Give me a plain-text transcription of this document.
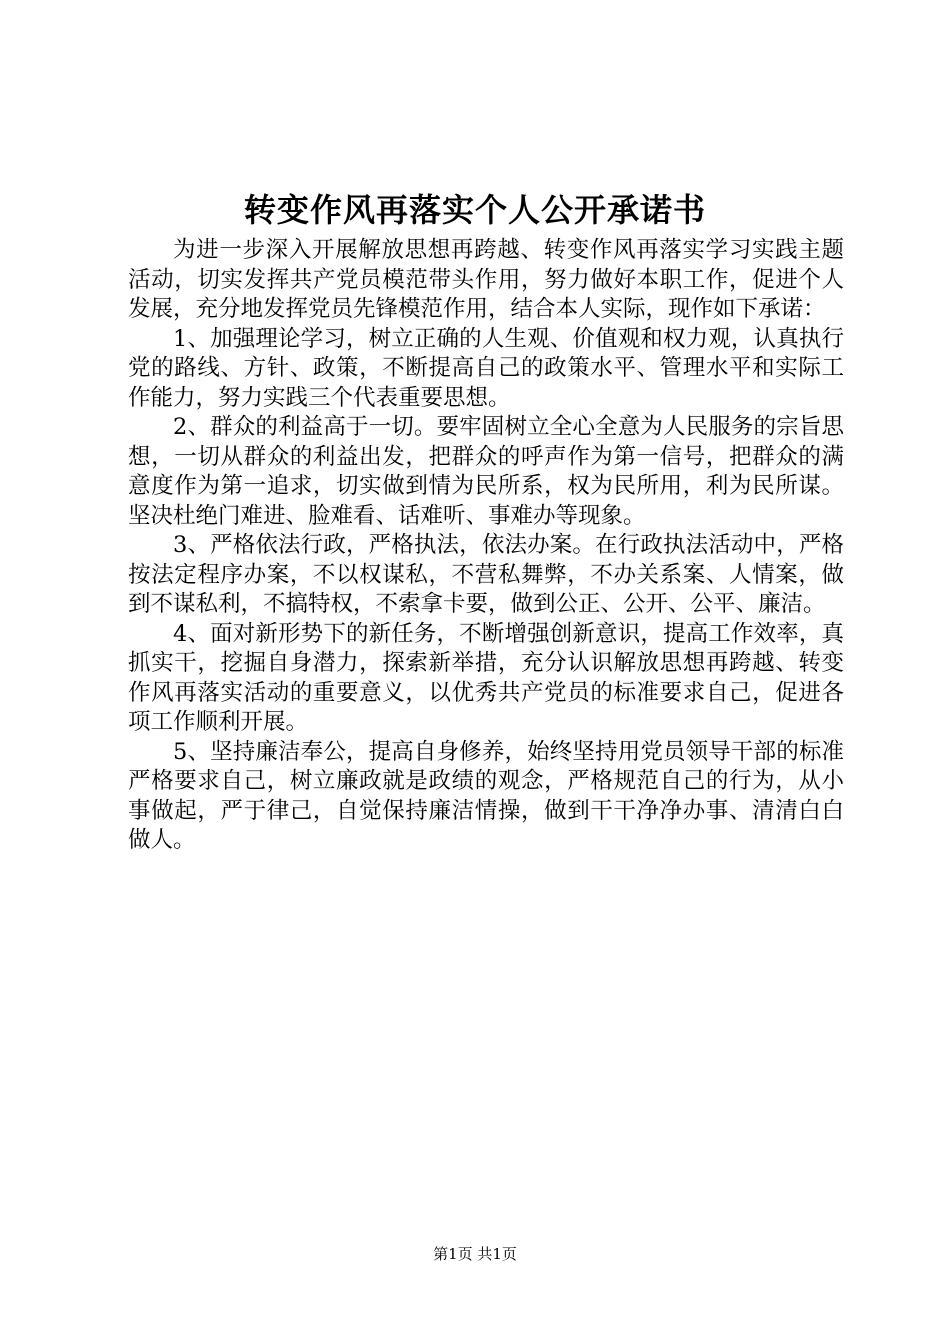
转变作风再落实个人公开承诺书

为进一步深入开展解放思想再跨越、转变作风再落实学习实践主题活动，切实发挥共产党员模范带头作用，努力做好本职工作，促进个人发展，充分地发挥党员先锋模范作用，结合本人实际，现作如下承诺：

1、加强理论学习，树立正确的人生观、价值观和权力观，认真执行党的路线、方针、政策，不断提高自己的政策水平、管理水平和实际工作能力，努力实践三个代表重要思想。

2、群众的利益高于一切。要牢固树立全心全意为人民服务的宗旨思想，一切从群众的利益出发，把群众的呼声作为第一信号，把群众的满意度作为第一追求，切实做到情为民所系，权为民所用，利为民所谋。坚决杜绝门难进、脸难看、话难听、事难办等现象。

3、严格依法行政，严格执法，依法办案。在行政执法活动中，严格按法定程序办案，不以权谋私，不营私舞弊，不办关系案、人情案，做到不谋私利，不搞特权，不索拿卡要，做到公正、公开、公平、廉洁。

4、面对新形势下的新任务，不断增强创新意识，提高工作效率，真抓实干，挖掘自身潜力，探索新举措，充分认识解放思想再跨越、转变作风再落实活动的重要意义，以优秀共产党员的标准要求自己，促进各项工作顺利开展。

5、坚持廉洁奉公，提高自身修养，始终坚持用党员领导干部的标准严格要求自己，树立廉政就是政绩的观念，严格规范自己的行为，从小事做起，严于律己，自觉保持廉洁情操，做到干干净净办事、清清白白做人。

第1页 共1页
